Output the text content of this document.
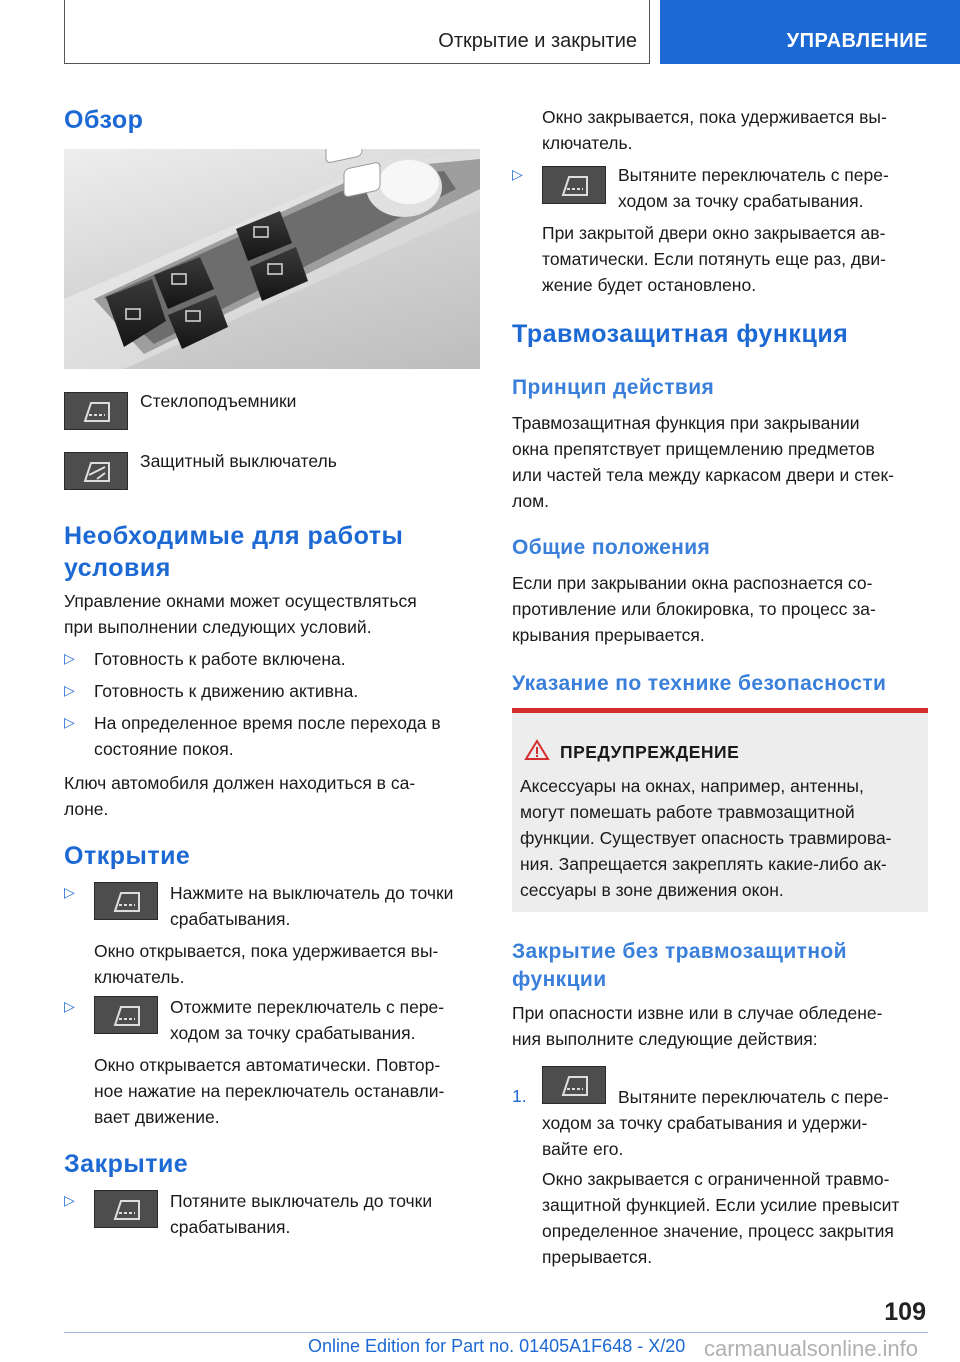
Открытие и закрытие	УПРАВЛЕНИЕ
Обзор
Стеклоподъемники
Защитный выключатель
Необходимые для работы
условия
Управление окнами может осуществляться
при выполнении следующих условий.
▷ Готовность к работе включена.
▷ Готовность к движению активна.
▷ На определенное время после перехода в
состояние покоя.
Ключ автомобиля должен находиться в са-
лоне.
Открытие
▷	Нажмите на выключатель до точки
срабатывания.
Окно открывается, пока удерживается вы-
ключатель.
▷	Отожмите переключатель с пере-
ходом за точку срабатывания.
Окно открывается автоматически. Повтор-
ное нажатие на переключатель останавли-
вает движение.
Закрытие
▷	Потяните выключатель до точки
срабатывания.
Окно закрывается, пока удерживается вы-
ключатель.
▷	Вытяните переключатель с пере-
ходом за точку срабатывания.
При закрытой двери окно закрывается ав-
томатически. Если потянуть еще раз, дви-
жение будет остановлено.
Травмозащитная функция
Принцип действия
Травмозащитная функция при закрывании
окна препятствует прищемлению предметов
или частей тела между каркасом двери и стек-
лом.
Общие положения
Если при закрывании окна распознается со-
противление или блокировка, то процесс за-
крывания прерывается.
Указание по технике безопасности
ПРЕДУПРЕЖДЕНИЕ
Аксессуары на окнах, например, антенны,
могут помешать работе травмозащитной
функции. Существует опасность травмирова-
ния. Запрещается закреплять какие-либо ак-
сессуары в зоне движения окон.
Закрытие без травмозащитной
функции
При опасности извне или в случае обледене-
ния выполните следующие действия:
1.	Вытяните переключатель с пере-
ходом за точку срабатывания и удержи-
вайте его.
Окно закрывается с ограниченной травмо-
защитной функцией. Если усилие превысит
определенное значение, процесс закрытия
прерывается.
109
Online Edition for Part no. 01405A1F648 - X/20 carmanualsonline.info
